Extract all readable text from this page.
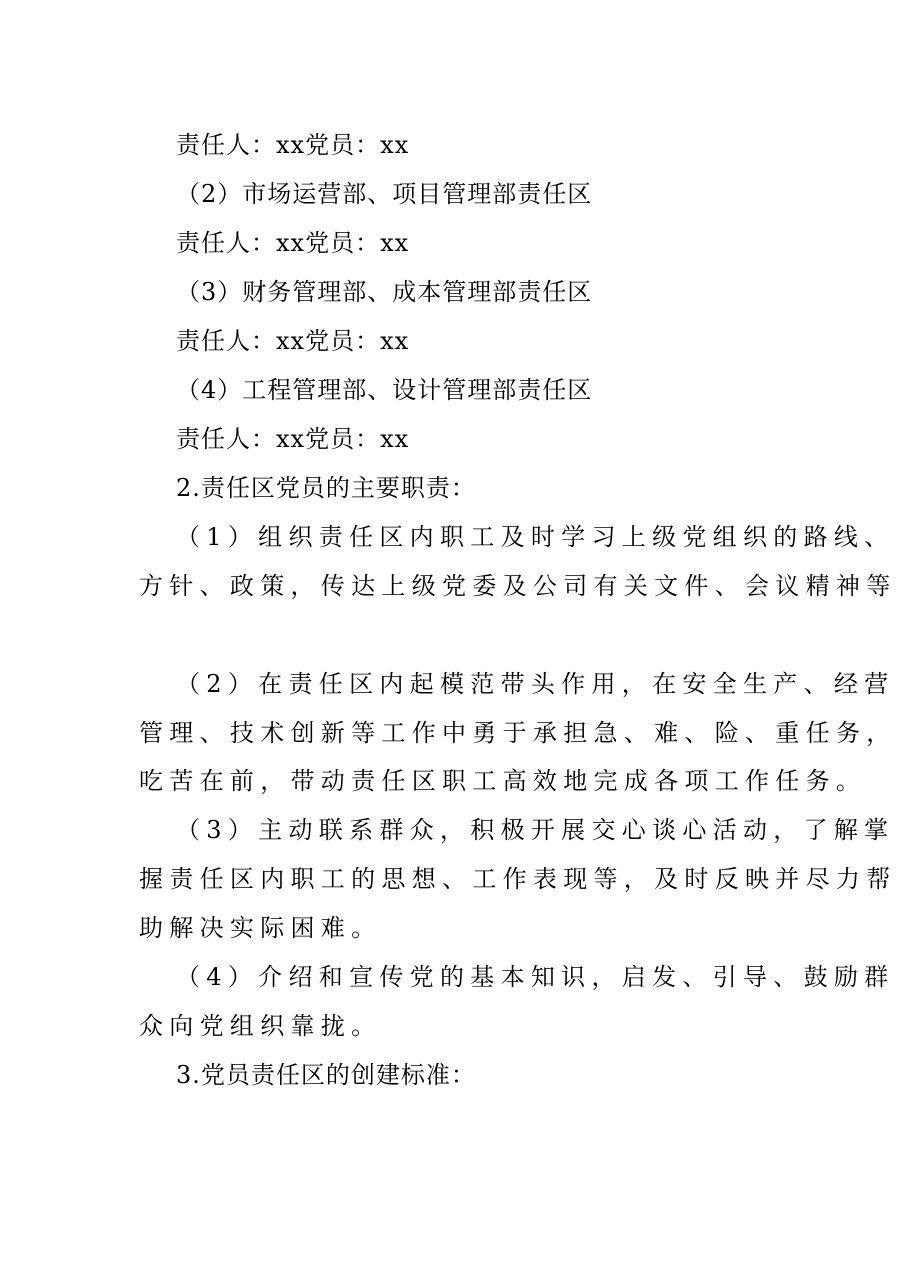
责任人：xx党员：xx
（2）市场运营部、项目管理部责任区
责任人：xx党员：xx
（3）财务管理部、成本管理部责任区
责任人：xx党员：xx
（4）工程管理部、设计管理部责任区
责任人：xx党员：xx
2.责任区党员的主要职责：
（1）组织责任区内职工及时学习上级党组织的路线、
方针、政策，传达上级党委及公司有关文件、会议精神等
（2）在责任区内起模范带头作用，在安全生产、经营
管理、技术创新等工作中勇于承担急、难、险、重任务，
吃苦在前，带动责任区职工高效地完成各项工作任务。
（3）主动联系群众，积极开展交心谈心活动，了解掌
握责任区内职工的思想、工作表现等，及时反映并尽力帮
助解决实际困难。
（4）介绍和宣传党的基本知识，启发、引导、鼓励群
众向党组织靠拢。
3.党员责任区的创建标准：
